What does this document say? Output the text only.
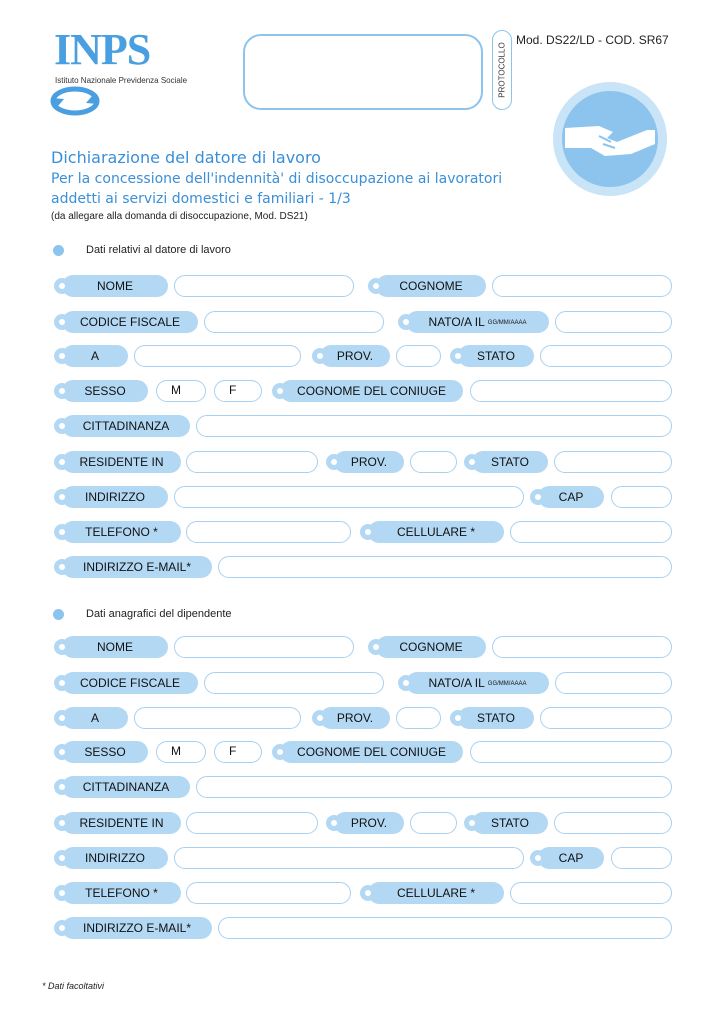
INPS
Istituto Nazionale Previdenza Sociale	PROTOCOLLO
Mod. DS22/LD - COD. SR67
Dichiarazione del datore di lavoro
Per la concessione dell'indennità' di disoccupazione ai lavoratori
addetti ai servizi domestici e familiari - 1/3
(da allegare alla domanda di disoccupazione, Mod. DS21)
Dati relativi al datore di lavoro
NOME	COGNOME
CODICE FISCALE	NATO/A IL GG/MM/AAAA
A	PROV.	STATO
SESSO	M	F	COGNOME DEL CONIUGE
CITTADINANZA
RESIDENTE IN	PROV.	STATO
INDIRIZZO	CAP
TELEFONO *	CELLULARE *
INDIRIZZO E-MAIL*
Dati anagrafici del dipendente
NOME	COGNOME
CODICE FISCALE	NATO/A IL GG/MM/AAAA
A	PROV.	STATO
SESSO	M	F	COGNOME DEL CONIUGE
CITTADINANZA
RESIDENTE IN	PROV.	STATO
INDIRIZZO	CAP
TELEFONO *	CELLULARE *
INDIRIZZO E-MAIL*
* Dati facoltativi
